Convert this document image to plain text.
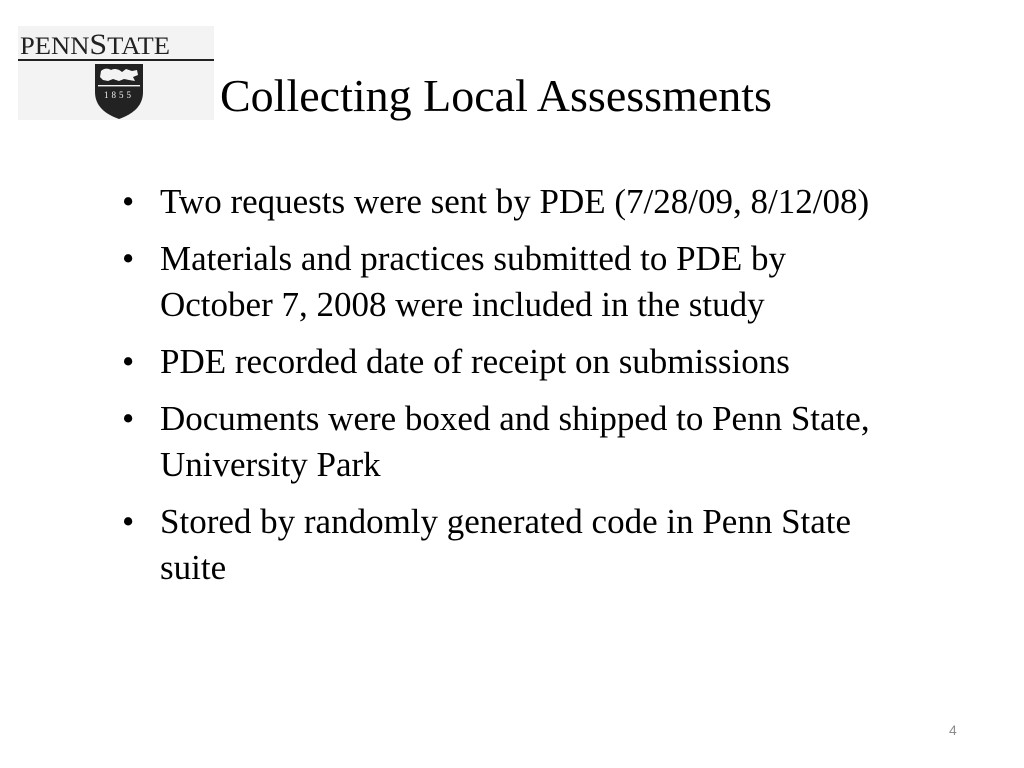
PENN STATE
1855 Collecting Local Assessments
• Two requests were sent by PDE (7/28/09, 8/12/08)
• Materials and practices submitted to PDE by October 7, 2008 were included in the study
• PDE recorded date of receipt on submissions
• Documents were boxed and shipped to Penn State, University Park
• Stored by randomly generated code in Penn State suite
4
